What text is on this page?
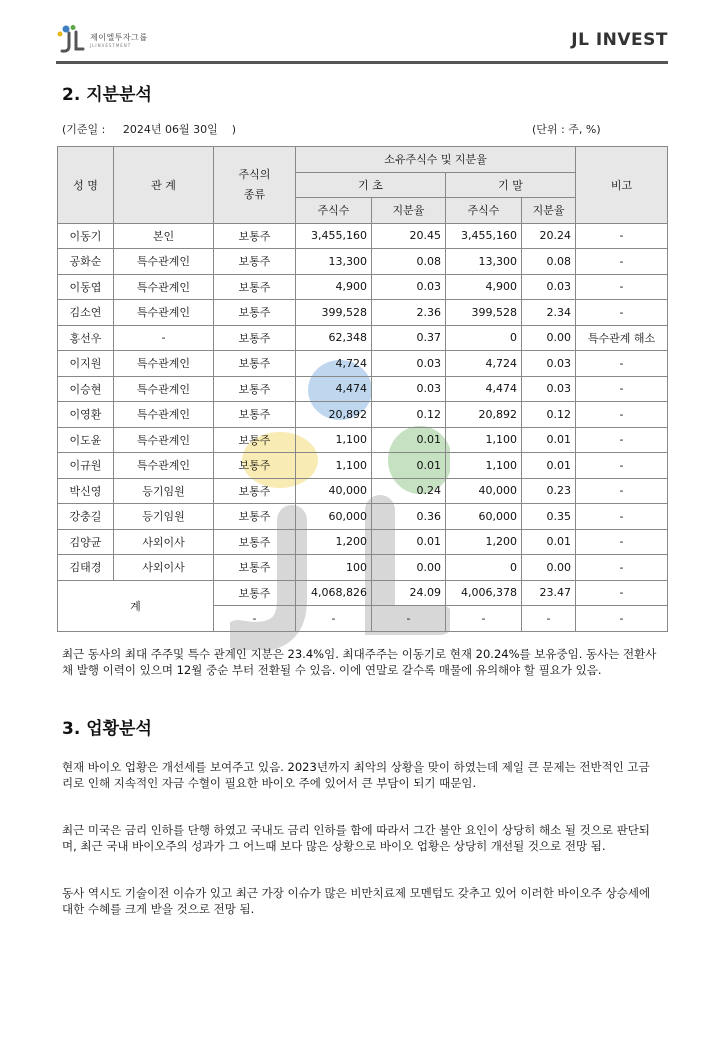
제이엘투자그룹
JLINVESTMENT	JL INVEST
2. 지분분석
(기준일 :     2024년 06월 30일    )	(단위 : 주, %)
성 명	관 계	주식의 종류	소유주식수 및 지분율				비고
			기 초		기 말		
			주식수	지분율	주식수	지분율	
이동기	본인	보통주	3,455,160	20.45	3,455,160	20.24	-
공화순	특수관계인	보통주	13,300	0.08	13,300	0.08	-
이동엽	특수관계인	보통주	4,900	0.03	4,900	0.03	-
김소연	특수관계인	보통주	399,528	2.36	399,528	2.34	-
홍선우	-	보통주	62,348	0.37	0	0.00	특수관계 해소
이지원	특수관계인	보통주	4,724	0.03	4,724	0.03	-
이승현	특수관계인	보통주	4,474	0.03	4,474	0.03	-
이영환	특수관계인	보통주	20,892	0.12	20,892	0.12	-
이도윤	특수관계인	보통주	1,100	0.01	1,100	0.01	-
이규원	특수관계인	보통주	1,100	0.01	1,100	0.01	-
박신영	등기임원	보통주	40,000	0.24	40,000	0.23	-
강충길	등기임원	보통주	60,000	0.36	60,000	0.35	-
김양균	사외이사	보통주	1,200	0.01	1,200	0.01	-
김태경	사외이사	보통주	100	0.00	0	0.00	-
계		보통주	4,068,826	24.09	4,006,378	23.47	-
		-	-	-	-	-	-

최근 동사의 최대 주주및 특수 관계인 지분은 23.4%임. 최대주주는 이동기로 현재 20.24%를 보유중임. 동사는 전환사채 발행 이력이 있으며 12월 중순 부터 전환될 수 있음. 이에 연말로 갈수록 매물에 유의해야 할 필요가 있음.

3. 업황분석

현재 바이오 업황은 개선세를 보여주고 있음. 2023년까지 최악의 상황을 맞이 하였는데 제일 큰 문제는 전반적인 고금리로 인해 지속적인 자금 수혈이 필요한 바이오 주에 있어서 큰 부담이 되기 때문임.

최근 미국은 금리 인하를 단행 하였고 국내도 금리 인하를 함에 따라서 그간 불안 요인이 상당히 해소 될 것으로 판단되며, 최근 국내 바이오주의 성과가 그 어느때 보다 많은 상황으로 바이오 업황은 상당히 개선될 것으로 전망 됨.

동사 역시도 기술이전 이슈가 있고 최근 가장 이슈가 많은 비만치료제 모멘텀도 갖추고 있어 이러한 바이오주 상승세에 대한 수혜를 크게 받을 것으로 전망 됨.
